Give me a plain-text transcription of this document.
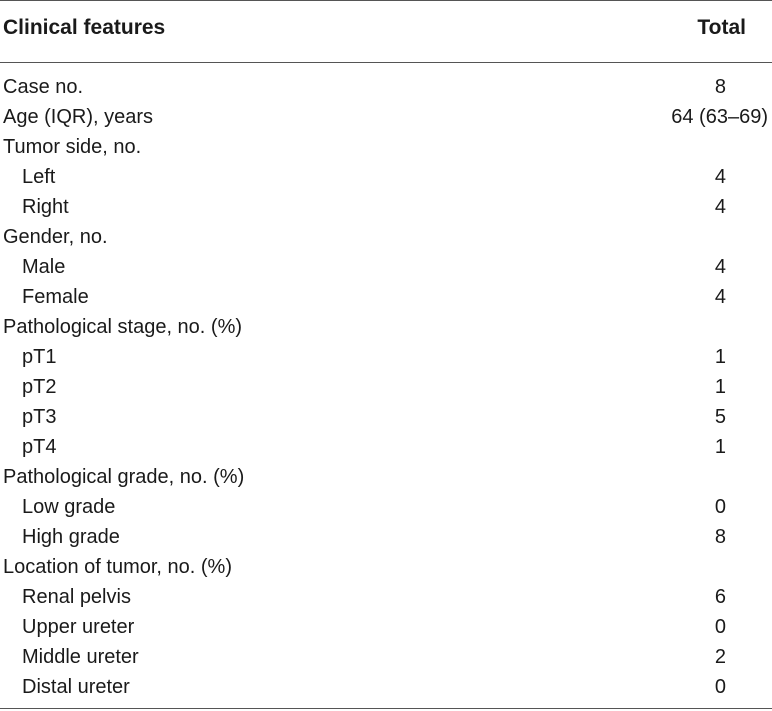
Clinical features	Total
Case no.	8
Age (IQR), years	64 (63–69)
Tumor side, no.
Left	4
Right	4
Gender, no.
Male	4
Female	4
Pathological stage, no. (%)
pT1	1
pT2	1
pT3	5
pT4	1
Pathological grade, no. (%)
Low grade	0
High grade	8
Location of tumor, no. (%)
Renal pelvis	6
Upper ureter	0
Middle ureter	2
Distal ureter	0
